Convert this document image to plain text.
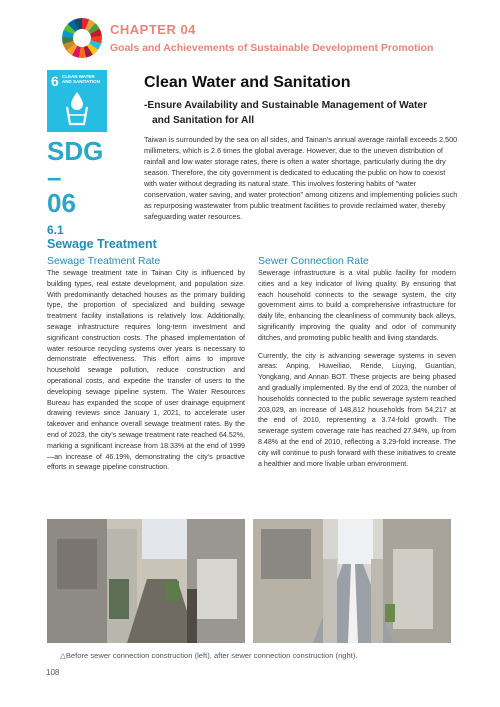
CHAPTER 04
Goals and Achievements of Sustainable Development Promotion
6 CLEAN WATER AND SANITATION
SDG
–
06
6.1
Sewage Treatment
Clean Water and Sanitation
-Ensure Availability and Sustainable Management of Water
and Sanitation for All
Taiwan is surrounded by the sea on all sides, and Tainan's annual average rainfall exceeds 2,500 millimeters, which is 2.6 times the global average. However, due to the uneven distribution of rainfall and low water storage rates, there is often a water shortage, particularly during the dry season. Therefore, the city government is dedicated to educating the public on how to coexist with water without degrading its natural state. This involves fostering habits of "water conservation, water saving, and water protection" among citizens and implementing policies such as repurposing wastewater from public treatment facilities to provide reclaimed water, thereby safeguarding water resources.
Sewage Treatment Rate
The sewage treatment rate in Tainan City is influenced by building types, real estate development, and population size. With predominantly detached houses as the primary building type, the proportion of specialized and building sewage treatment facility installations is relatively low. Additionally, sewage infrastructure requires long-term investment and significant construction costs. The phased implementation of water resource recycling systems over years is necessary to demonstrate effectiveness. This effort aims to improve household sewage pollution, reduce construction and operational costs, and expedite the transfer of users to the developing sewage pipeline system. The Water Resources Bureau has expanded the scope of user drainage equipment drawing reviews since January 1, 2021, to accelerate user takeover and enhance overall sewage treatment rates. By the end of 2023, the city's sewage treatment rate reached 64.52%, marking a significant increase from 18.33% at the end of 1999—an increase of 46.19%, demonstrating the city's proactive efforts in sewage pipeline construction.
Sewer Connection Rate

Sewerage infrastructure is a vital public facility for modern cities and a key indicator of living quality. By ensuring that each household connects to the sewage system, the city government aims to build a comprehensive infrastructure for daily life, enhancing the cleanliness of community back alleys, significantly improving the quality and odor of community ditches, and promoting public health and living standards.

Currently, the city is advancing sewerage systems in seven areas: Anping, Huweiliao, Rende, Liuying, Guantian, Yongkang, and Annan BOT. These projects are being phased and gradually implemented. By the end of 2023, the number of households connected to the public sewerage system reached 203,029, an increase of 148,812 households from 54,217 at the end of 2010, representing a 3.74-fold growth. The sewerage system coverage rate has reached 27.94%, up from 8.48% at the end of 2010, reflecting a 3.29-fold increase. The city will continue to push forward with these initiatives to create a healthier and more livable urban environment.

△Before sewer connection construction (left), after sewer connection construction (right).
108
